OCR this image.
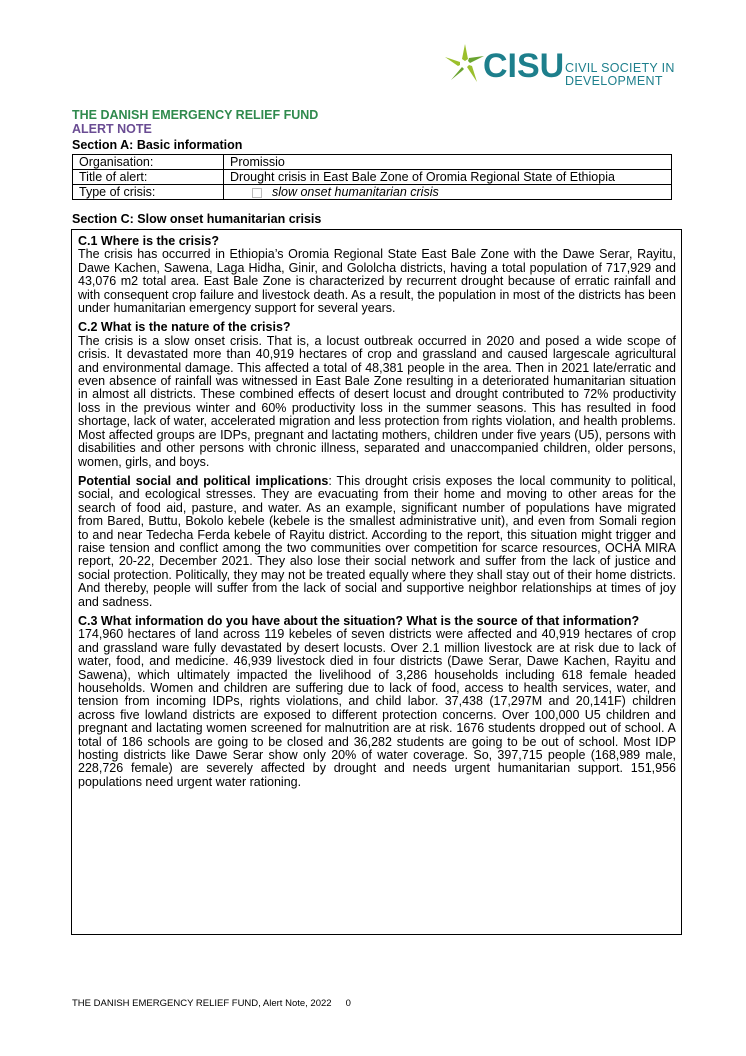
CISU CIVIL SOCIETY IN
DEVELOPMENT
THE DANISH EMERGENCY RELIEF FUND
ALERT NOTE
Section A: Basic information
Organisation:	Promissio
Title of alert:	Drought crisis in East Bale Zone of Oromia Regional State of Ethiopia
Type of crisis:	slow onset humanitarian crisis
Section C: Slow onset humanitarian crisis

C.1 Where is the crisis?
The crisis has occurred in Ethiopia’s Oromia Regional State East Bale Zone with the Dawe Serar, Rayitu, Dawe Kachen, Sawena, Laga Hidha, Ginir, and Gololcha districts, having a total population of 717,929 and 43,076 m2 total area. East Bale Zone is characterized by recurrent drought because of erratic rainfall and with consequent crop failure and livestock death. As a result, the population in most of the districts has been under humanitarian emergency support for several years.

C.2 What is the nature of the crisis?
The crisis is a slow onset crisis. That is, a locust outbreak occurred in 2020 and posed a wide scope of crisis. It devastated more than 40,919 hectares of crop and grassland and caused largescale agricultural and environmental damage. This affected a total of 48,381 people in the area. Then in 2021 late/erratic and even absence of rainfall was witnessed in East Bale Zone resulting in a deteriorated humanitarian situation in almost all districts. These combined effects of desert locust and drought contributed to 72% productivity loss in the previous winter and 60% productivity loss in the summer seasons. This has resulted in food shortage, lack of water, accelerated migration and less protection from rights violation, and health problems. Most affected groups are IDPs, pregnant and lactating mothers, children under five years (U5), persons with disabilities and other persons with chronic illness, separated and unaccompanied children, older persons, women, girls, and boys.

Potential social and political implications: This drought crisis exposes the local community to political, social, and ecological stresses. They are evacuating from their home and moving to other areas for the search of food aid, pasture, and water. As an example, significant number of populations have migrated from Bared, Buttu, Bokolo kebele (kebele is the smallest administrative unit), and even from Somali region to and near Tedecha Ferda kebele of Rayitu district. According to the report, this situation might trigger and raise tension and conflict among the two communities over competition for scarce resources, OCHA MIRA report, 20-22, December 2021. They also lose their social network and suffer from the lack of justice and social protection. Politically, they may not be treated equally where they shall stay out of their home districts. And thereby, people will suffer from the lack of social and supportive neighbor relationships at times of joy and sadness.

C.3 What information do you have about the situation? What is the source of that information?
174,960 hectares of land across 119 kebeles of seven districts were affected and 40,919 hectares of crop and grassland ware fully devastated by desert locusts. Over 2.1 million livestock are at risk due to lack of water, food, and medicine. 46,939 livestock died in four districts (Dawe Serar, Dawe Kachen, Rayitu and Sawena), which ultimately impacted the livelihood of 3,286 households including 618 female headed households. Women and children are suffering due to lack of food, access to health services, water, and tension from incoming IDPs, rights violations, and child labor. 37,438 (17,297M and 20,141F) children across five lowland districts are exposed to different protection concerns. Over 100,000 U5 children and pregnant and lactating women screened for malnutrition are at risk. 1676 students dropped out of school. A total of 186 schools are going to be closed and 36,282 students are going to be out of school. Most IDP hosting districts like Dawe Serar show only 20% of water coverage. So, 397,715 people (168,989 male, 228,726 female) are severely affected by drought and needs urgent humanitarian support. 151,956 populations need urgent water rationing.

THE DANISH EMERGENCY RELIEF FUND, Alert Note, 2022 0
